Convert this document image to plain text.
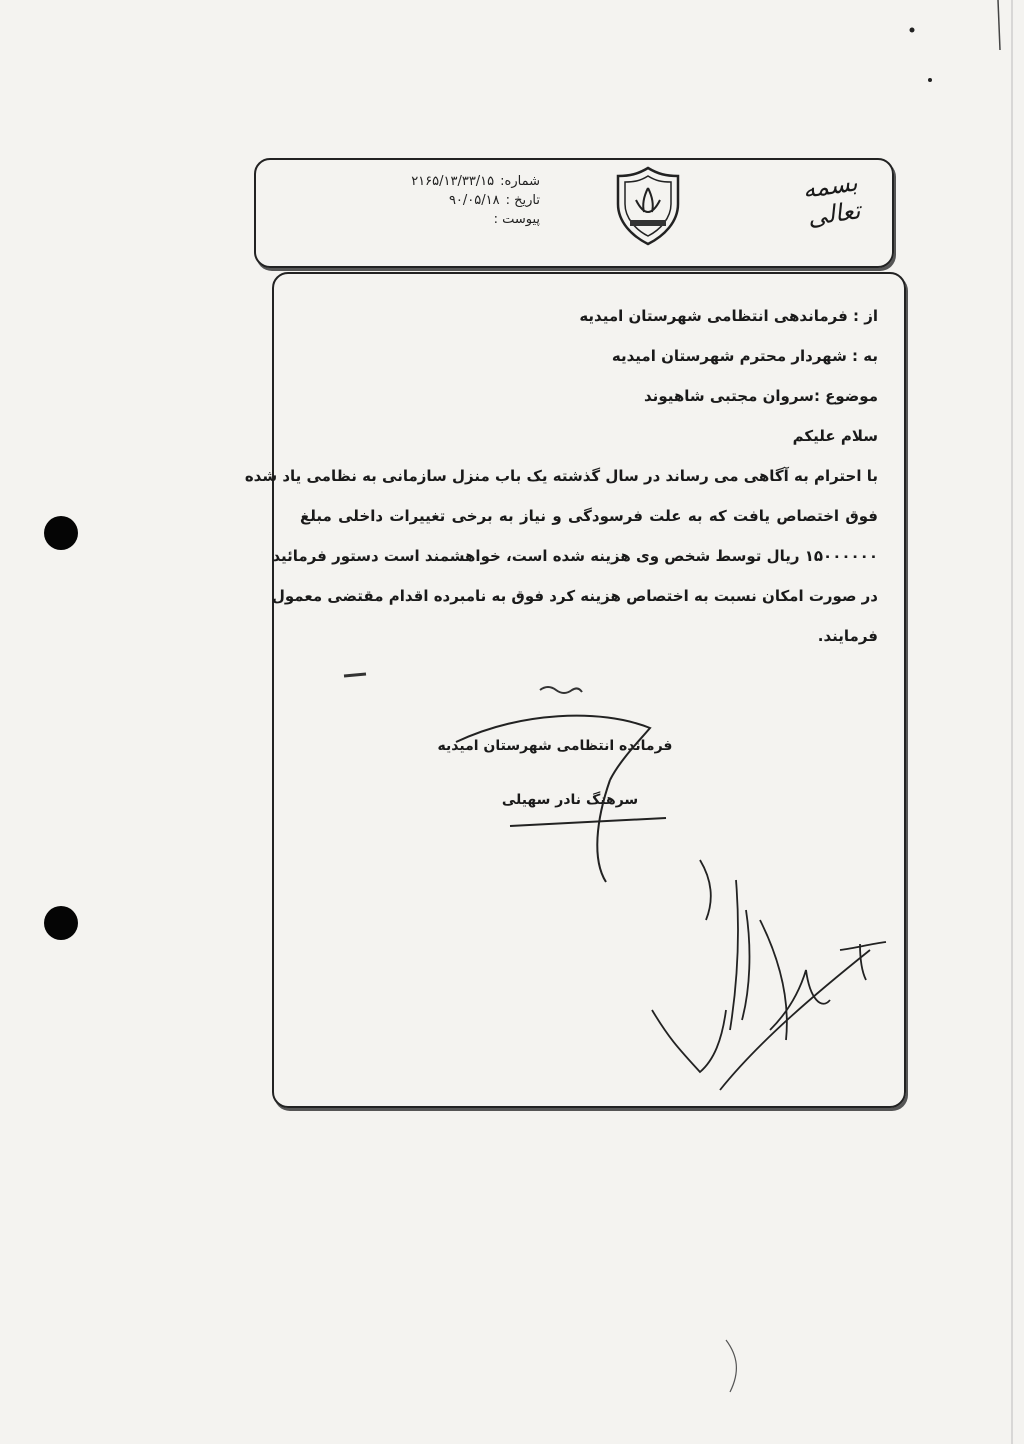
بسمه تعالی
شماره:
۲۱۶۵/۱۳/۳۳/۱۵
تاریخ :
۹۰/۰۵/۱۸
پیوست :
از : فرماندهی انتظامی شهرستان امیدیه
به : شهردار محترم شهرستان امیدیه
موضوع :سروان مجتبی شاهیوند
سلام علیکم
با احترام به آگاهی می رساند در سال گذشته یک باب منزل سازمانی به نظامی یاد شده
فوق اختصاص یافت که به علت فرسودگی و نیاز به برخی تغییرات داخلی مبلغ
۱۵۰۰۰۰۰۰ ریال توسط شخص وی هزینه شده است، خواهشمند است دستور فرمائید
در صورت امکان نسبت به اختصاص هزینه کرد فوق به نامبرده اقدام مقتضی معمول
فرمایند.
فرمانده انتظامی شهرستان امیدیه
سرهنگ نادر سهیلی
